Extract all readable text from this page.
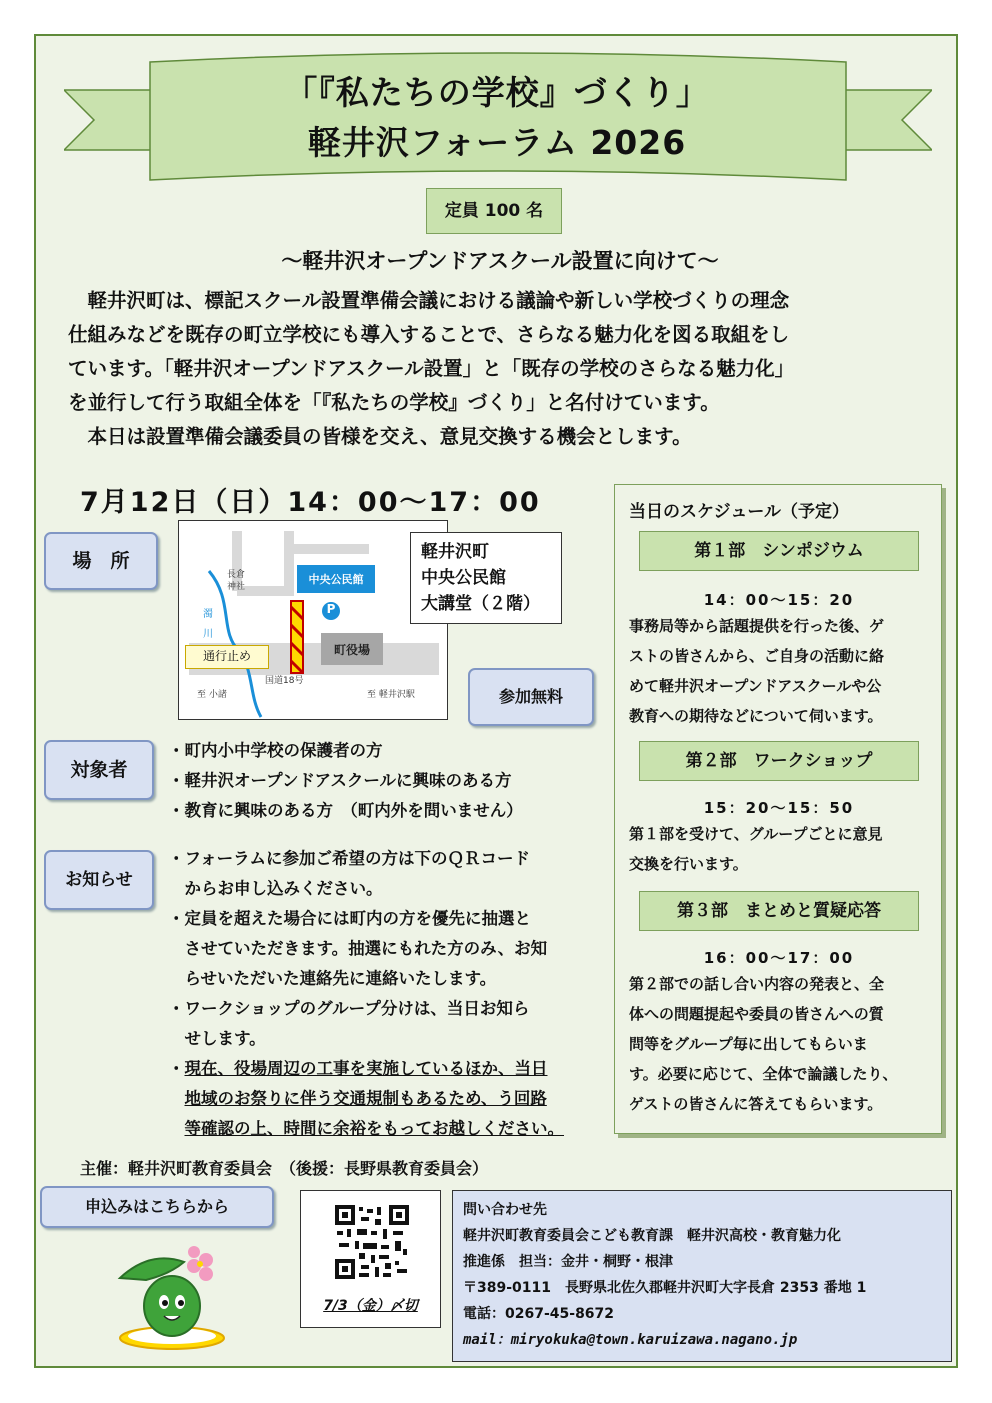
「『私たちの学校』づくり」
軽井沢フォーラム 2026
定員 100 名
～軽井沢オープンドアスクール設置に向けて～

　軽井沢町は、標記スクール設置準備会議における議論や新しい学校づくりの理念

仕組みなどを既存の町立学校にも導入することで、さらなる魅力化を図る取組をし

ています。「軽井沢オープンドアスクール設置」と「既存の学校のさらなる魅力化」

を並行して行う取組全体を「『私たちの学校』づくり」と名付けています。

　本日は設置準備会議委員の皆様を交え、意見交換する機会とします。

7月12日（日）14：00～17：00
場　所
長倉
神社
濁
川
中央公民館
P
町役場
通行止め
国道18号
至 小諸	至 軽井沢駅
軽井沢町
中央公民館
大講堂（２階）
参加無料
対象者
・町内小中学校の保護者の方
・軽井沢オープンドアスクールに興味のある方
・教育に興味のある方　（町内外を問いません）
お知らせ
・フォーラムに参加ご希望の方は下のＱＲコード
　からお申し込みください。
・定員を超えた場合には町内の方を優先に抽選と
　させていただきます。抽選にもれた方のみ、お知
　らせいただいた連絡先に連絡いたします。
・ワークショップのグループ分けは、当日お知ら
　せします。
・現在、役場周辺の工事を実施しているほか、当日
　地域のお祭りに伴う交通規制もあるため、う回路
　等確認の上、時間に余裕をもってお越しください。
当日のスケジュール（予定）
第１部　シンポジウム
14：00～15：20
事務局等から話題提供を行った後、ゲ
ストの皆さんから、ご自身の活動に絡
めて軽井沢オープンドアスクールや公
教育への期待などについて伺います。
第２部　ワークショップ
15：20～15：50
第１部を受けて、グループごとに意見
交換を行います。
第３部　まとめと質疑応答
16：00～17：00
第２部での話し合い内容の発表と、全
体への問題提起や委員の皆さんへの質
問等をグループ毎に出してもらいま
す。必要に応じて、全体で論議したり、
ゲストの皆さんに答えてもらいます。
主催：軽井沢町教育委員会　（後援：長野県教育委員会）
申込みはこちらから
7/3（金）〆切
問い合わせ先
軽井沢町教育委員会こども教育課　軽井沢高校・教育魅力化
推進係　担当：金井・桐野・根津
〒389-0111　長野県北佐久郡軽井沢町大字長倉 2353 番地 1
電話：0267-45-8672
mail：miryokuka@town.karuizawa.nagano.jp
